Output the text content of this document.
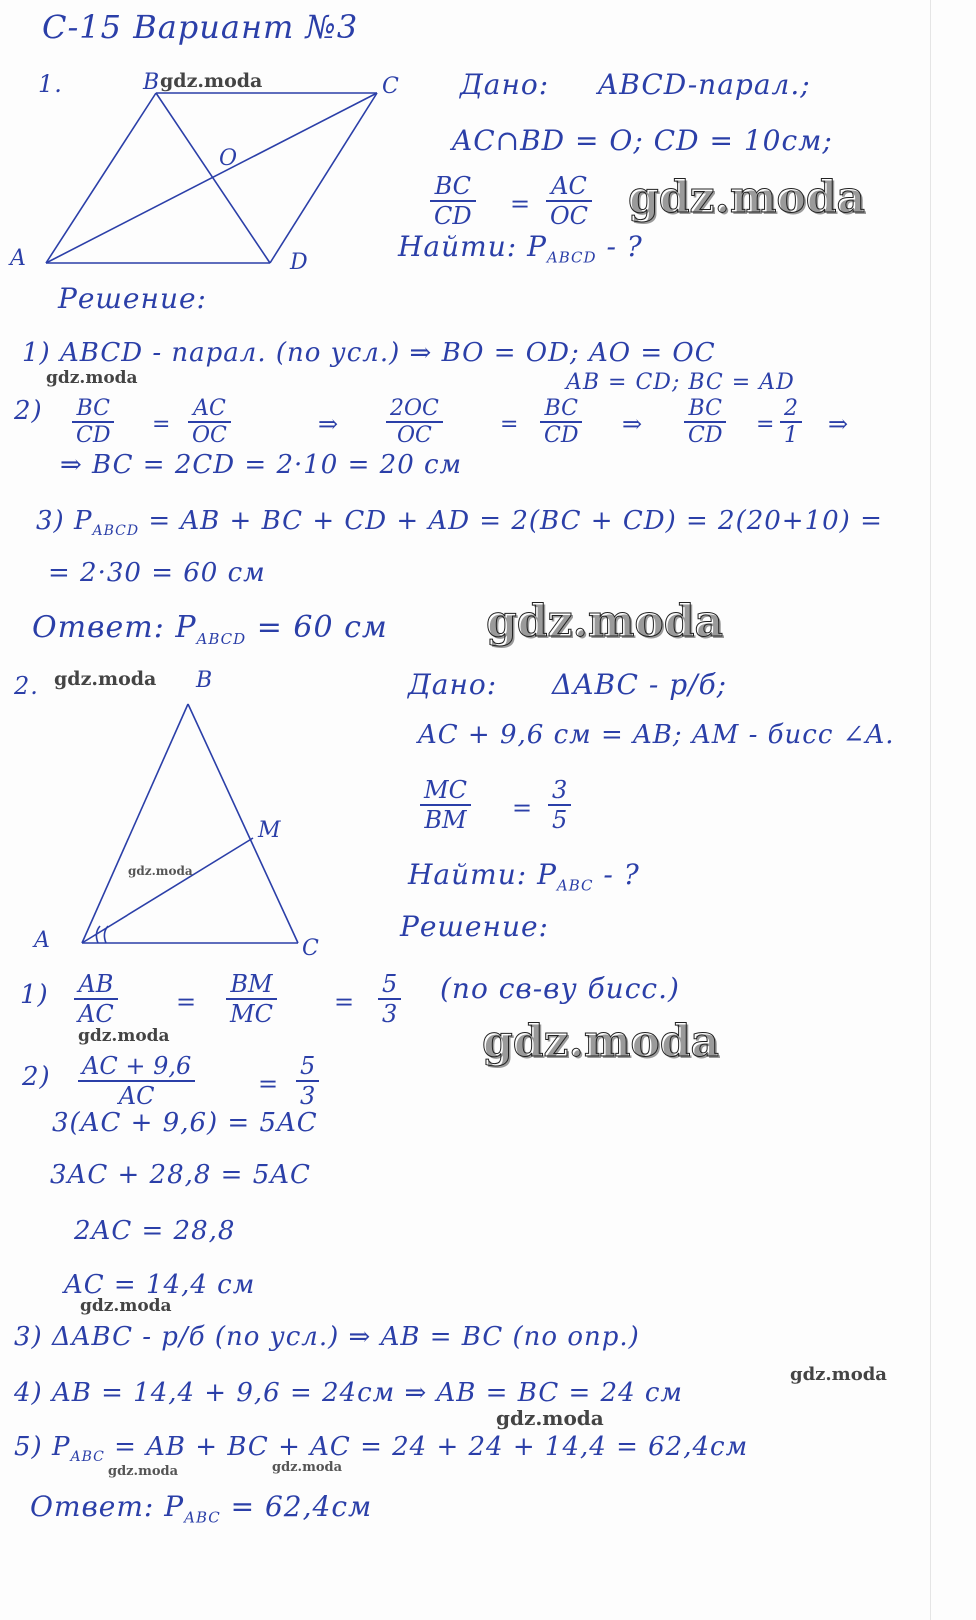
С-15 Вариант №3
1.	B	C
A	D
O
Дано: ABCD-парал.;
AC∩BD = O; CD = 10см;
$\frac{BC}{CD} = \frac{AC}{OC}$
Найти: $P_{ABCD}$ - ?
Решение:
1) ABCD - парал. (по усл.) ⇒ BO = OD; AO = OC
AB = CD; BC = AD
$2) \frac{BC}{CD} = \frac{AC}{OC}$	⇒ $\frac{2OC}{OC}$	= $\frac{BC}{CD}$ ⇒ $\frac{BC}{CD} = \frac{2}{1}$ ⇒
⇒ BC = 2CD = 2·10 = 20 см
3) $P_{ABCD}$ = AB + BC + CD + AD = 2(BC + CD) = 2(20+10) =
= 2·30 = 60 см
Ответ: $P_{ABCD} = 60$ см
2.	B
M
A	C
Дано: ΔABC - р/б;
AC + 9,6 см = AB; AM - бисс ∠A.
$\frac{MC}{BM} = \frac{3}{5}$
Найти: $P_{ABC}$ - ?
Решение:
$1) \frac{AB}{AC} = \frac{BM}{MC} = \frac{5}{3} (по$ св-ву бисс.)
$2) \frac{AC + 9,6}{AC}$	= $\frac{5}{3}$
3(AC + 9,6) = 5AC
3AC + 28,8 = 5AC
2AC = 28,8
AC = 14,4 см
3) ΔABC - р/б (по усл.) ⇒ AB = BC (по опр.)
4) AB = 14,4 + 9,6 = 24см ⇒ AB = BC = 24 см
5) $P_{ABC}$ = AB + BC + AC = 24 + 24 + 14,4 = 62,4см
Ответ: $P_{ABC} = 62,4см$
gdz.moda
gdz.moda
gdz.moda
gdz.moda
gdz.moda
gdz.moda
gdz.moda	gdz.moda
gdz.moda
gdz.moda
gdz.moda
gdz.moda	gdz.moda
